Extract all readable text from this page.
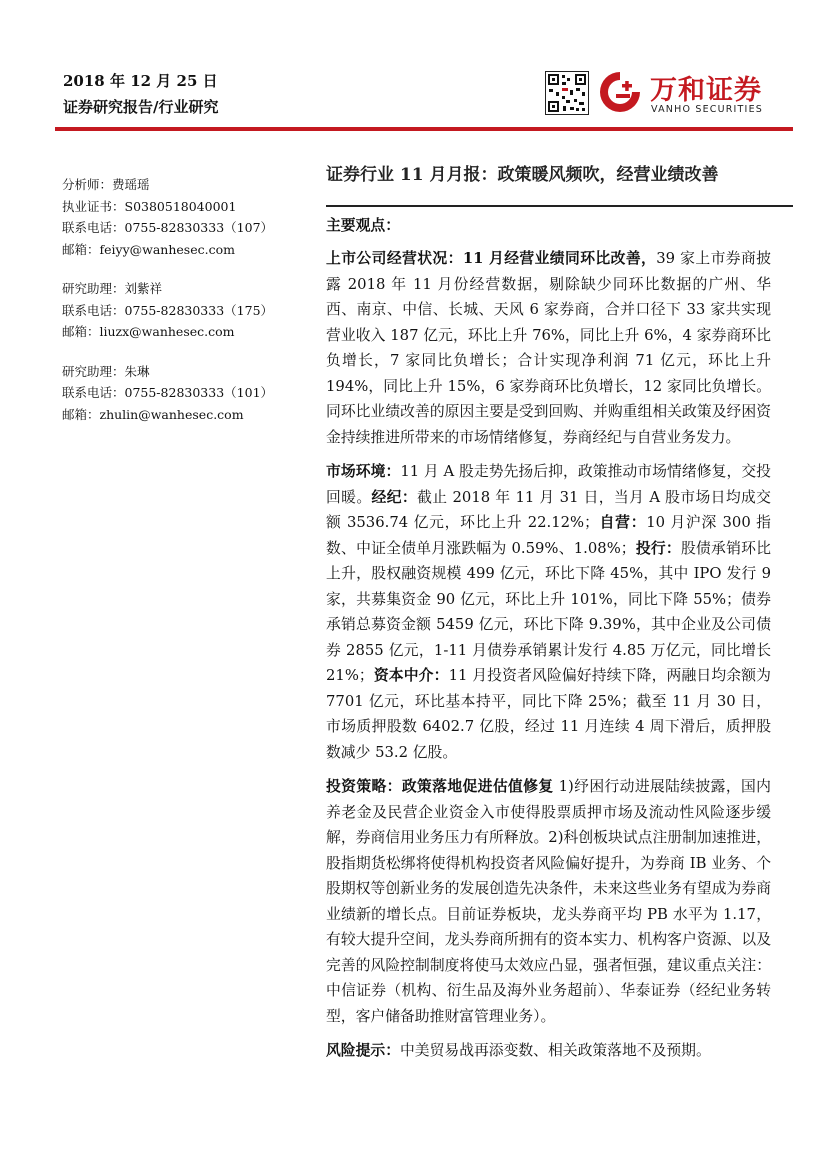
2018 年 12 月 25 日
证券研究报告/行业研究
万和证券
VANHO SECURITIES
证券行业 11 月月报：政策暖风频吹，经营业绩改善
分析师：费瑶瑶
执业证书：S0380518040001
联系电话：0755-82830333（107）
邮箱：feiyy@wanhesec.com
研究助理：刘紫祥
联系电话：0755-82830333（175）
邮箱：liuzx@wanhesec.com
研究助理：朱琳
联系电话：0755-82830333（101）
邮箱：zhulin@wanhesec.com
主要观点：

上市公司经营状况：11 月经营业绩同环比改善，39 家上市券商披露 2018 年 11 月份经营数据，剔除缺少同环比数据的广州、华西、南京、中信、长城、天风 6 家券商，合并口径下 33 家共实现营业收入 187 亿元，环比上升 76%，同比上升 6%，4 家券商环比负增长，7 家同比负增长；合计实现净利润 71 亿元，环比上升 194%，同比上升 15%，6 家券商环比负增长，12 家同比负增长。同环比业绩改善的原因主要是受到回购、并购重组相关政策及纾困资金持续推进所带来的市场情绪修复，券商经纪与自营业务发力。

市场环境：11 月 A 股走势先扬后抑，政策推动市场情绪修复，交投回暖。经纪：截止 2018 年 11 月 31 日，当月 A 股市场日均成交额 3536.74 亿元，环比上升 22.12%；自营：10 月沪深 300 指数、中证全债单月涨跌幅为 0.59%、1.08%；投行：股债承销环比上升，股权融资规模 499 亿元，环比下降 45%，其中 IPO 发行 9 家，共募集资金 90 亿元，环比上升 101%，同比下降 55%；债券承销总募资金额 5459 亿元，环比下降 9.39%，其中企业及公司债券 2855 亿元，1-11 月债券承销累计发行 4.85 万亿元，同比增长 21%；资本中介：11 月投资者风险偏好持续下降，两融日均余额为 7701 亿元，环比基本持平，同比下降 25%；截至 11 月 30 日，市场质押股数 6402.7 亿股，经过 11 月连续 4 周下滑后，质押股数减少 53.2 亿股。

投资策略：政策落地促进估值修复 1)纾困行动进展陆续披露，国内养老金及民营企业资金入市使得股票质押市场及流动性风险逐步缓解，券商信用业务压力有所释放。2)科创板块试点注册制加速推进，股指期货松绑将使得机构投资者风险偏好提升，为券商 IB 业务、个股期权等创新业务的发展创造先决条件，未来这些业务有望成为券商业绩新的增长点。目前证券板块，龙头券商平均 PB 水平为 1.17，有较大提升空间，龙头券商所拥有的资本实力、机构客户资源、以及完善的风险控制制度将使马太效应凸显，强者恒强，建议重点关注：中信证券（机构、衍生品及海外业务超前）、华泰证券（经纪业务转型，客户储备助推财富管理业务）。

风险提示：中美贸易战再添变数、相关政策落地不及预期。
